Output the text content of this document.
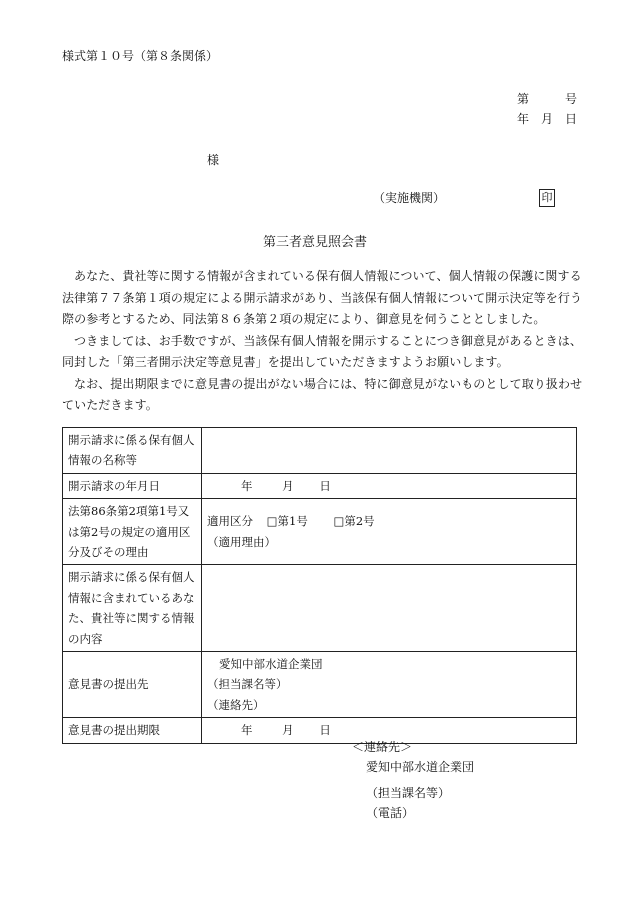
様式第１０号（第８条関係）
第　　　号
年　月　日
様
（実施機関）	印
第三者意見照会書

あなた、貴社等に関する情報が含まれている保有個人情報について、個人情報の保護に関する法律第７７条第１項の規定による開示請求があり、当該保有個人情報について開示決定等を行う際の参考とするため、同法第８６条第２項の規定により、御意見を伺うこととしました。

つきましては、お手数ですが、当該保有個人情報を開示することにつき御意見があるときは、同封した「第三者開示決定等意見書」を提出していただきますようお願いします。

なお、提出期限までに意見書の提出がない場合には、特に御意見がないものとして取り扱わせていただきます。

開示請求に係る保有個人情報の名称等	
開示請求の年月日	年 月 日
法第86条第2項第1号又は第2号の規定の適用区分及びその理由	適用区分 □第1号 □第2号
（適用理由）

開示請求に係る保有個人情報に含まれているあなた、貴社等に関する情報の内容	
意見書の提出先	愛知中部水道企業団
（担当課名等）
（連絡先）

意見書の提出期限	年 月 日
＜連絡先＞
愛知中部水道企業団
（担当課名等）
（電話）
